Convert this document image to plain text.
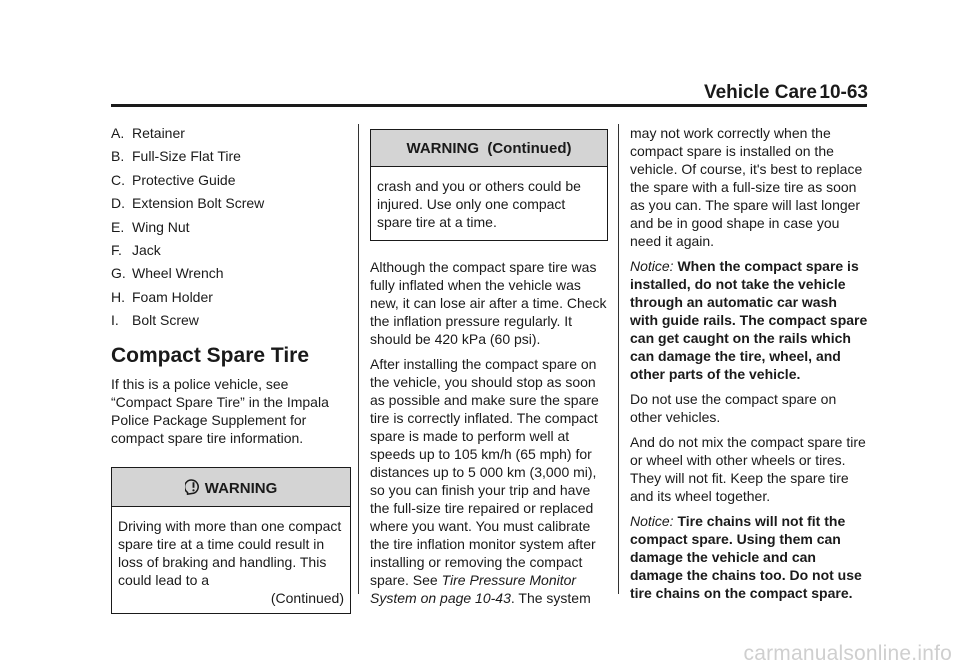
Vehicle Care 10-63

A. Retainer

B. Full-Size Flat Tire

C. Protective Guide

D. Extension Bolt Screw

E. Wing Nut

F. Jack

G. Wheel Wrench

H. Foam Holder

I. Bolt Screw

Compact Spare Tire

If this is a police vehicle, see “Compact Spare Tire” in the Impala Police Package Supplement for compact spare tire information.

WARNING
Driving with more than one compact spare tire at a time could result in loss of braking and handling. This could lead to a
(Continued)
WARNING  (Continued)
crash and you or others could be injured. Use only one compact spare tire at a time.

Although the compact spare tire was fully inflated when the vehicle was new, it can lose air after a time. Check the inflation pressure regularly. It should be 420 kPa (60 psi).

After installing the compact spare on the vehicle, you should stop as soon as possible and make sure the spare tire is correctly inflated. The compact spare is made to perform well at speeds up to 105 km/h (65 mph) for distances up to 5 000 km (3,000 mi), so you can finish your trip and have the full-size tire repaired or replaced where you want. You must calibrate the tire inflation monitor system after installing or removing the compact spare. See Tire Pressure Monitor System on page 10-43. The system

may not work correctly when the compact spare is installed on the vehicle. Of course, it's best to replace the spare with a full-size tire as soon as you can. The spare will last longer and be in good shape in case you need it again.

Notice: When the compact spare is installed, do not take the vehicle through an automatic car wash with guide rails. The compact spare can get caught on the rails which can damage the tire, wheel, and other parts of the vehicle.

Do not use the compact spare on other vehicles.

And do not mix the compact spare tire or wheel with other wheels or tires. They will not fit. Keep the spare tire and its wheel together.

Notice: Tire chains will not fit the compact spare. Using them can damage the vehicle and can damage the chains too. Do not use tire chains on the compact spare.

carmanualsonline.info
